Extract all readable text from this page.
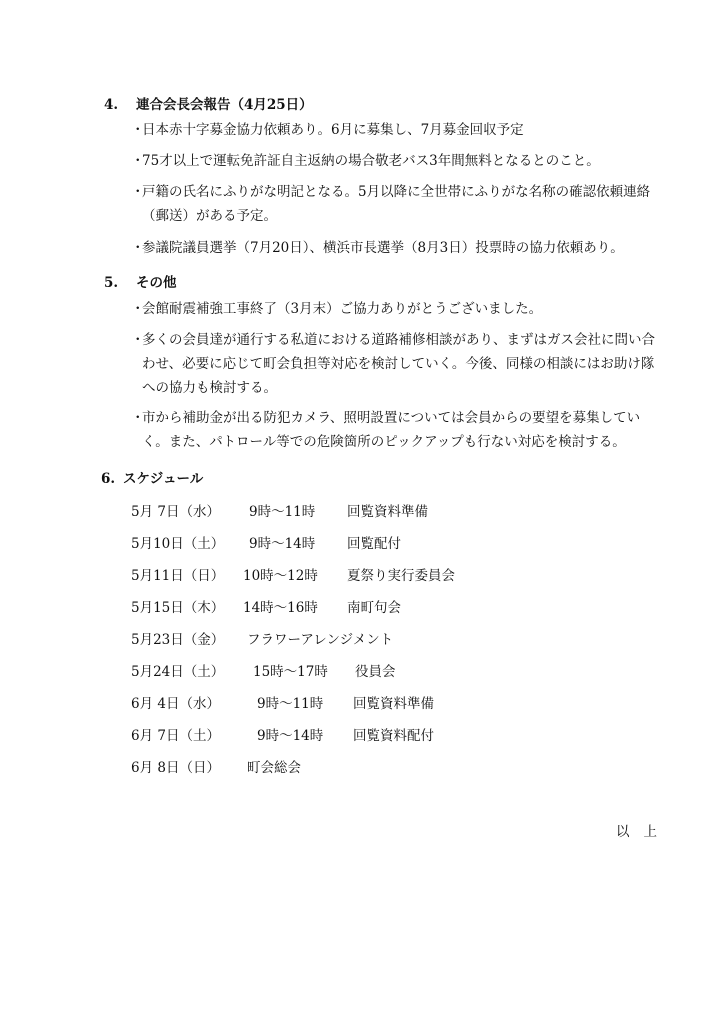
4. 連合会長会報告（4月25日）
・日本赤十字募金協力依頼あり。6月に募集し、7月募金回収予定
・75才以上で運転免許証自主返納の場合敬老バス3年間無料となるとのこと。
・戸籍の氏名にふりがな明記となる。5月以降に全世帯にふりがな名称の確認依頼連絡
（郵送）がある予定。
・参議院議員選挙（7月20日）、横浜市長選挙（8月3日）投票時の協力依頼あり。
5. その他
・会館耐震補強工事終了（3月末）ご協力ありがとうございました。
・多くの会員達が通行する私道における道路補修相談があり、まずはガス会社に問い合
わせ、必要に応じて町会負担等対応を検討していく。今後、同様の相談にはお助け隊
への協力も検討する。
・市から補助金が出る防犯カメラ、照明設置については会員からの要望を募集してい
く。また、パトロール等での危険箇所のピックアップも行ない対応を検討する。
6. スケジュール
5月 7日（水） 9時〜11時 回覧資料準備
5月10日（土） 9時〜14時 回覧配付
5月11日（日） 10時〜12時 夏祭り実行委員会
5月15日（木） 14時〜16時 南町句会
5月23日（金） フラワーアレンジメント
5月24日（土） 15時〜17時 役員会
6月 4日（水）	9時〜11時 回覧資料準備
6月 7日（土）	9時〜14時 回覧資料配付
6月 8日（日） 町会総会
以上
